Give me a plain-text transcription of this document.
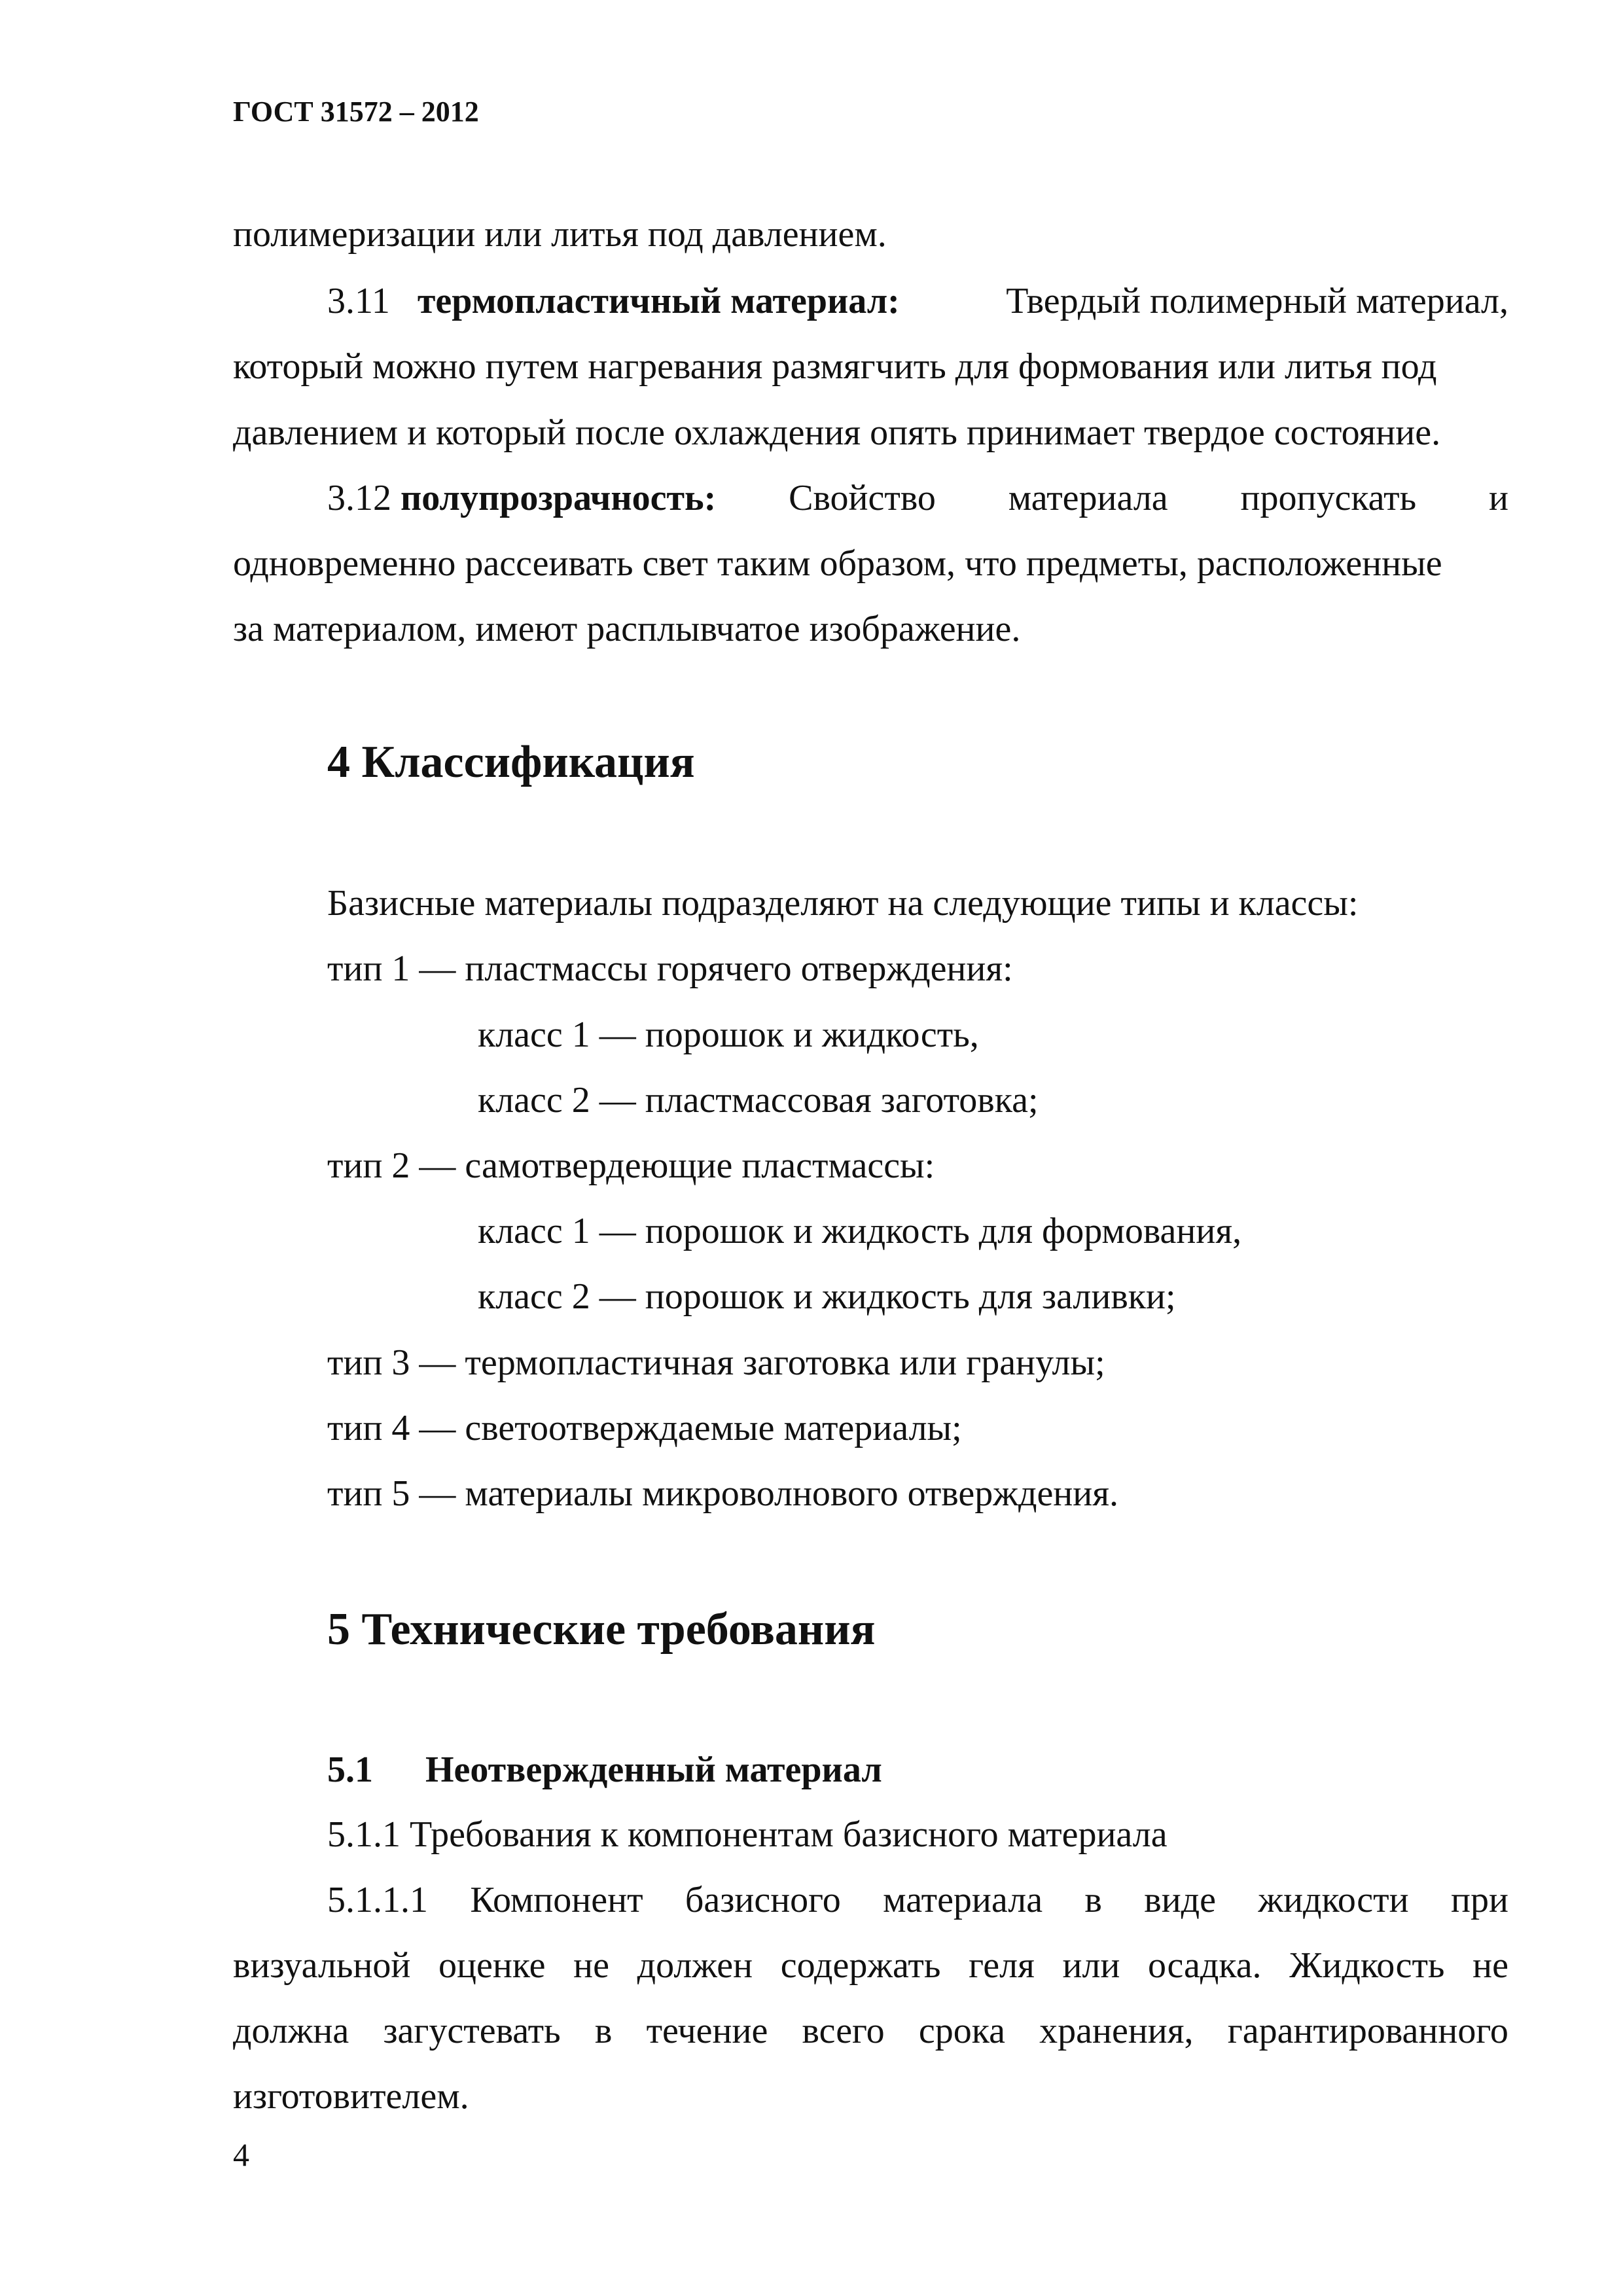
ГОСТ 31572 – 2012
полимеризации или литья под давлением.
3.11 термопластичный материал:	Твердый полимерный материал,
который можно путем нагревания размягчить для формования или литья под
давлением и который после охлаждения опять принимает твердое состояние.
3.12 полупрозрачность: Свойство материала пропускать и
одновременно рассеивать свет таким образом, что предметы, расположенные
за материалом, имеют расплывчатое изображение.
4 Классификация
Базисные материалы подразделяют на следующие типы и классы:
тип 1 — пластмассы горячего отверждения:
класс 1 — порошок и жидкость,
класс 2 — пластмассовая заготовка;
тип 2 — самотвердеющие пластмассы:
класс 1 — порошок и жидкость для формования,
класс 2 — порошок и жидкость для заливки;
тип 3 — термопластичная заготовка или гранулы;
тип 4 — светоотверждаемые материалы;
тип 5 — материалы микроволнового отверждения.
5 Технические требования
5.1 Неотвержденный материал
5.1.1 Требования к компонентам базисного материала
5.1.1.1 Компонент базисного материала в виде жидкости при
визуальной оценке не должен содержать геля или осадка. Жидкость не
должна загустевать в течение всего срока хранения, гарантированного
изготовителем.
4
